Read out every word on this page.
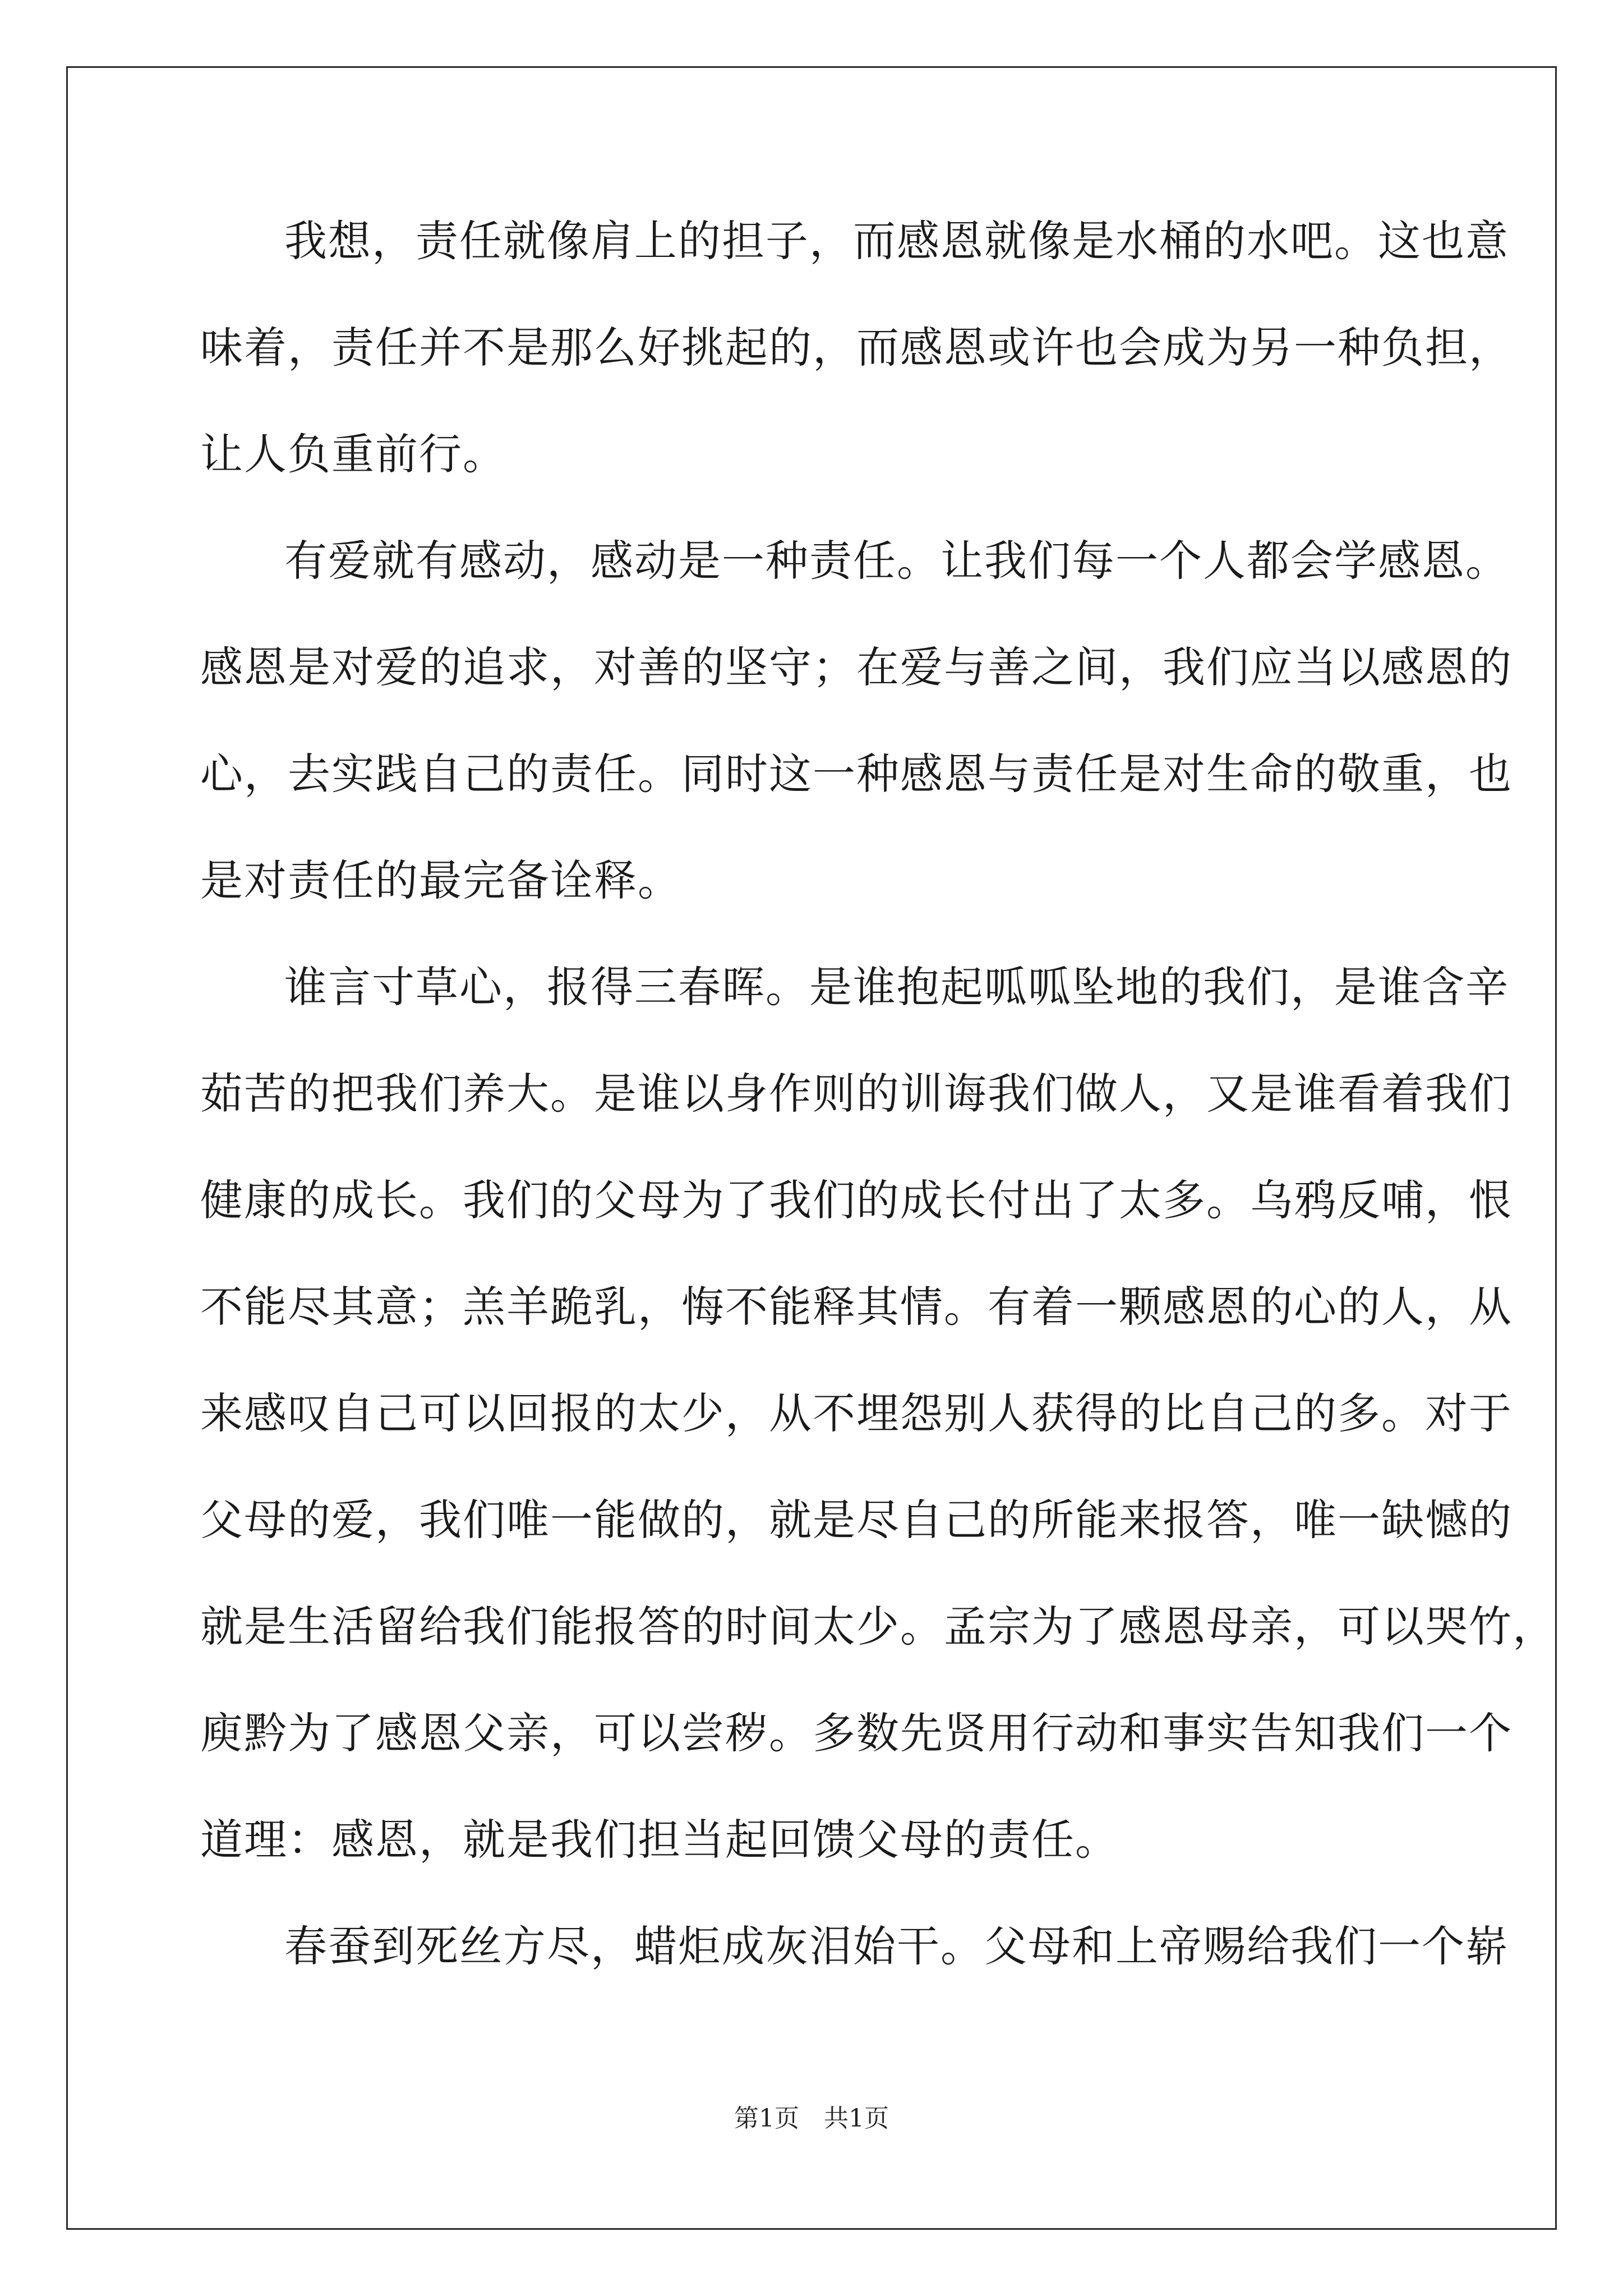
我想，责任就像肩上的担子，而感恩就像是水桶的水吧。这也意
味着，责任并不是那么好挑起的，而感恩或许也会成为另一种负担，
让人负重前行。
有爱就有感动，感动是一种责任。让我们每一个人都会学感恩。
感恩是对爱的追求，对善的坚守；在爱与善之间，我们应当以感恩的
心，去实践自己的责任。同时这一种感恩与责任是对生命的敬重，也
是对责任的最完备诠释。
谁言寸草心，报得三春晖。是谁抱起呱呱坠地的我们，是谁含辛
茹苦的把我们养大。是谁以身作则的训诲我们做人，又是谁看着我们
健康的成长。我们的父母为了我们的成长付出了太多。乌鸦反哺，恨
不能尽其意；羔羊跪乳，悔不能释其情。有着一颗感恩的心的人，从
来感叹自己可以回报的太少，从不埋怨别人获得的比自己的多。对于
父母的爱，我们唯一能做的，就是尽自己的所能来报答，唯一缺憾的
就是生活留给我们能报答的时间太少。孟宗为了感恩母亲，可以哭竹，
庾黔为了感恩父亲，可以尝秽。多数先贤用行动和事实告知我们一个
道理：感恩，就是我们担当起回馈父母的责任。
春蚕到死丝方尽，蜡炬成灰泪始干。父母和上帝赐给我们一个崭
第1页　共1页
